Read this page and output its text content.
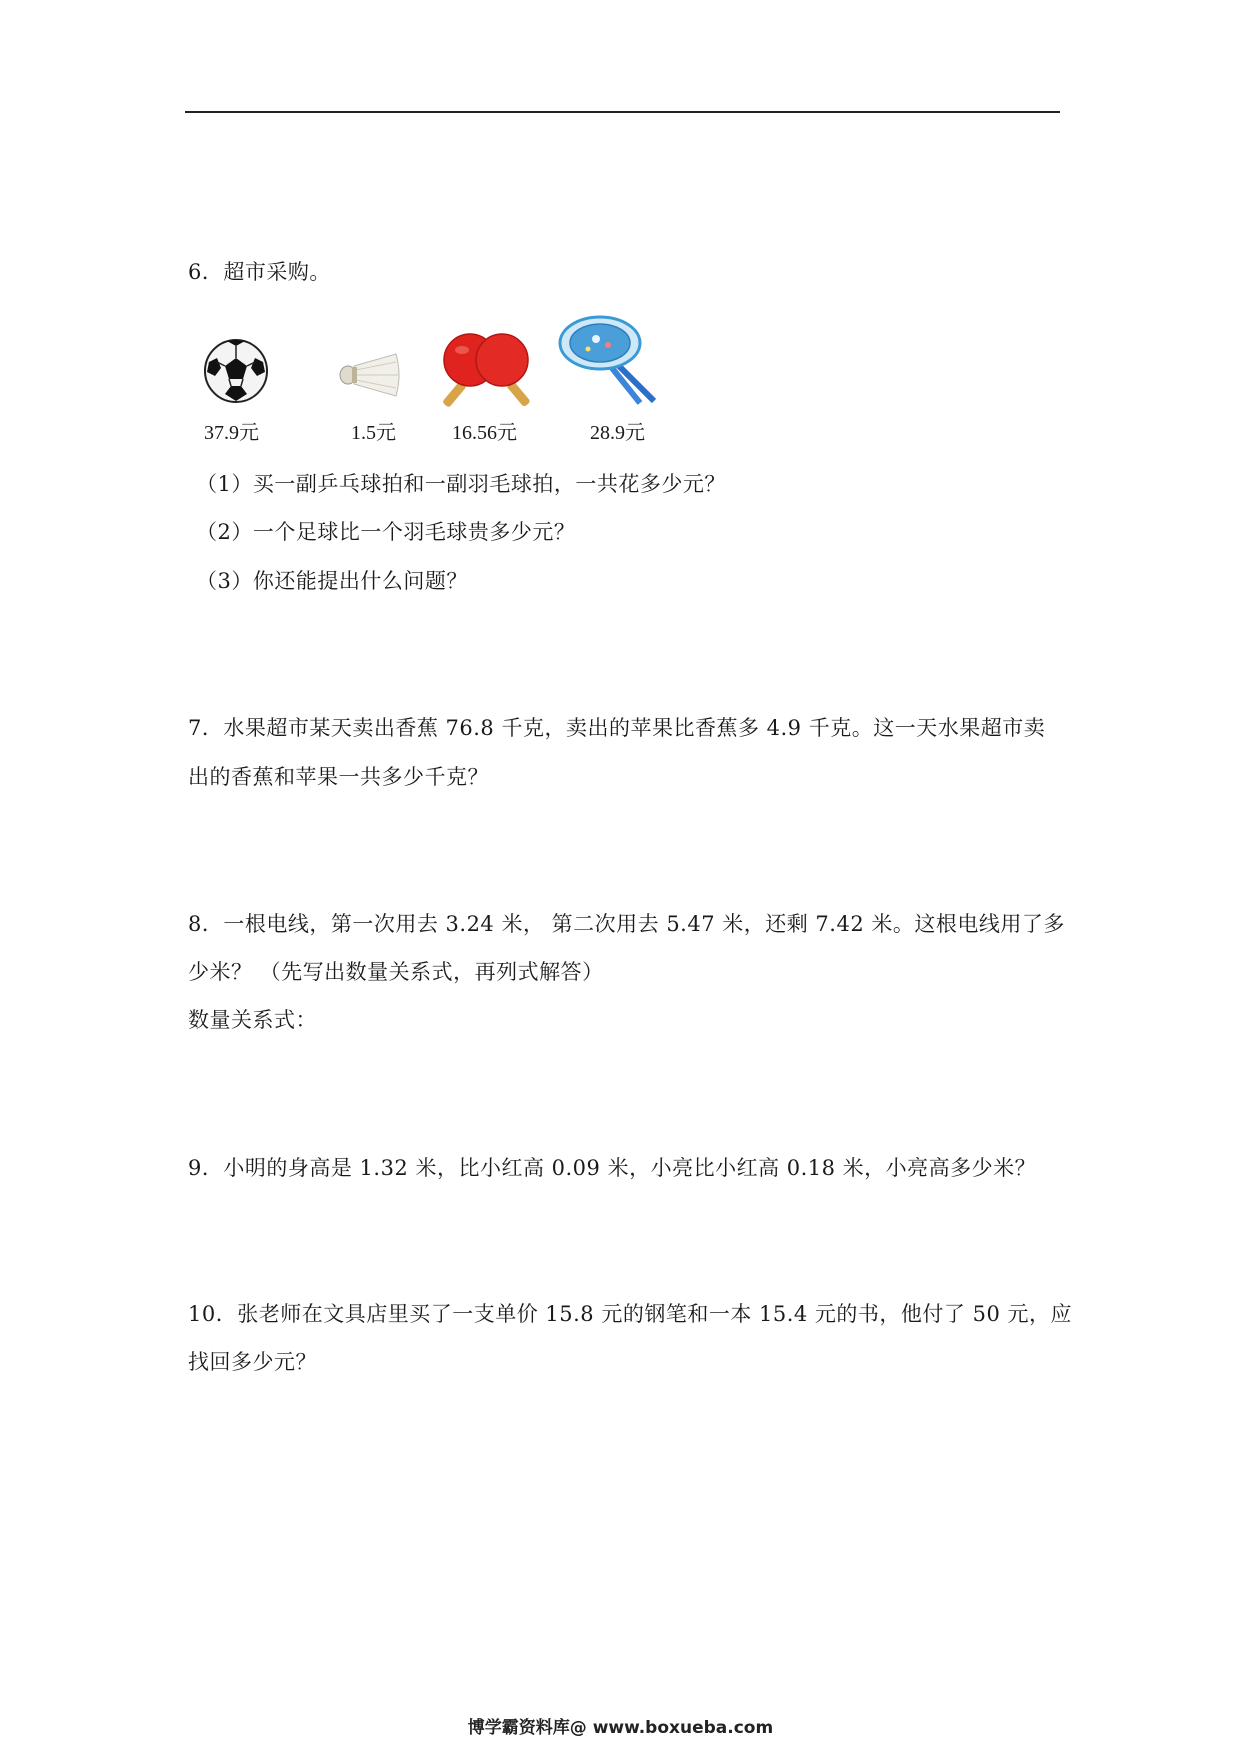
6．超市采购。
37.9元	1.5元	16.56元	28.9元
（1）买一副乒乓球拍和一副羽毛球拍，一共花多少元？
（2）一个足球比一个羽毛球贵多少元？
（3）你还能提出什么问题？
7．水果超市某天卖出香蕉 76.8 千克，卖出的苹果比香蕉多 4.9 千克。这一天水果超市卖
出的香蕉和苹果一共多少千克？
8．一根电线，第一次用去 3.24 米， 第二次用去 5.47 米，还剩 7.42 米。这根电线用了多
少米？ （先写出数量关系式，再列式解答）
数量关系式：
9．小明的身高是 1.32 米，比小红高 0.09 米，小亮比小红高 0.18 米，小亮高多少米？
10．张老师在文具店里买了一支单价 15.8 元的钢笔和一本 15.4 元的书，他付了 50 元，应
找回多少元？
博学霸资料库@ www.boxueba.com
